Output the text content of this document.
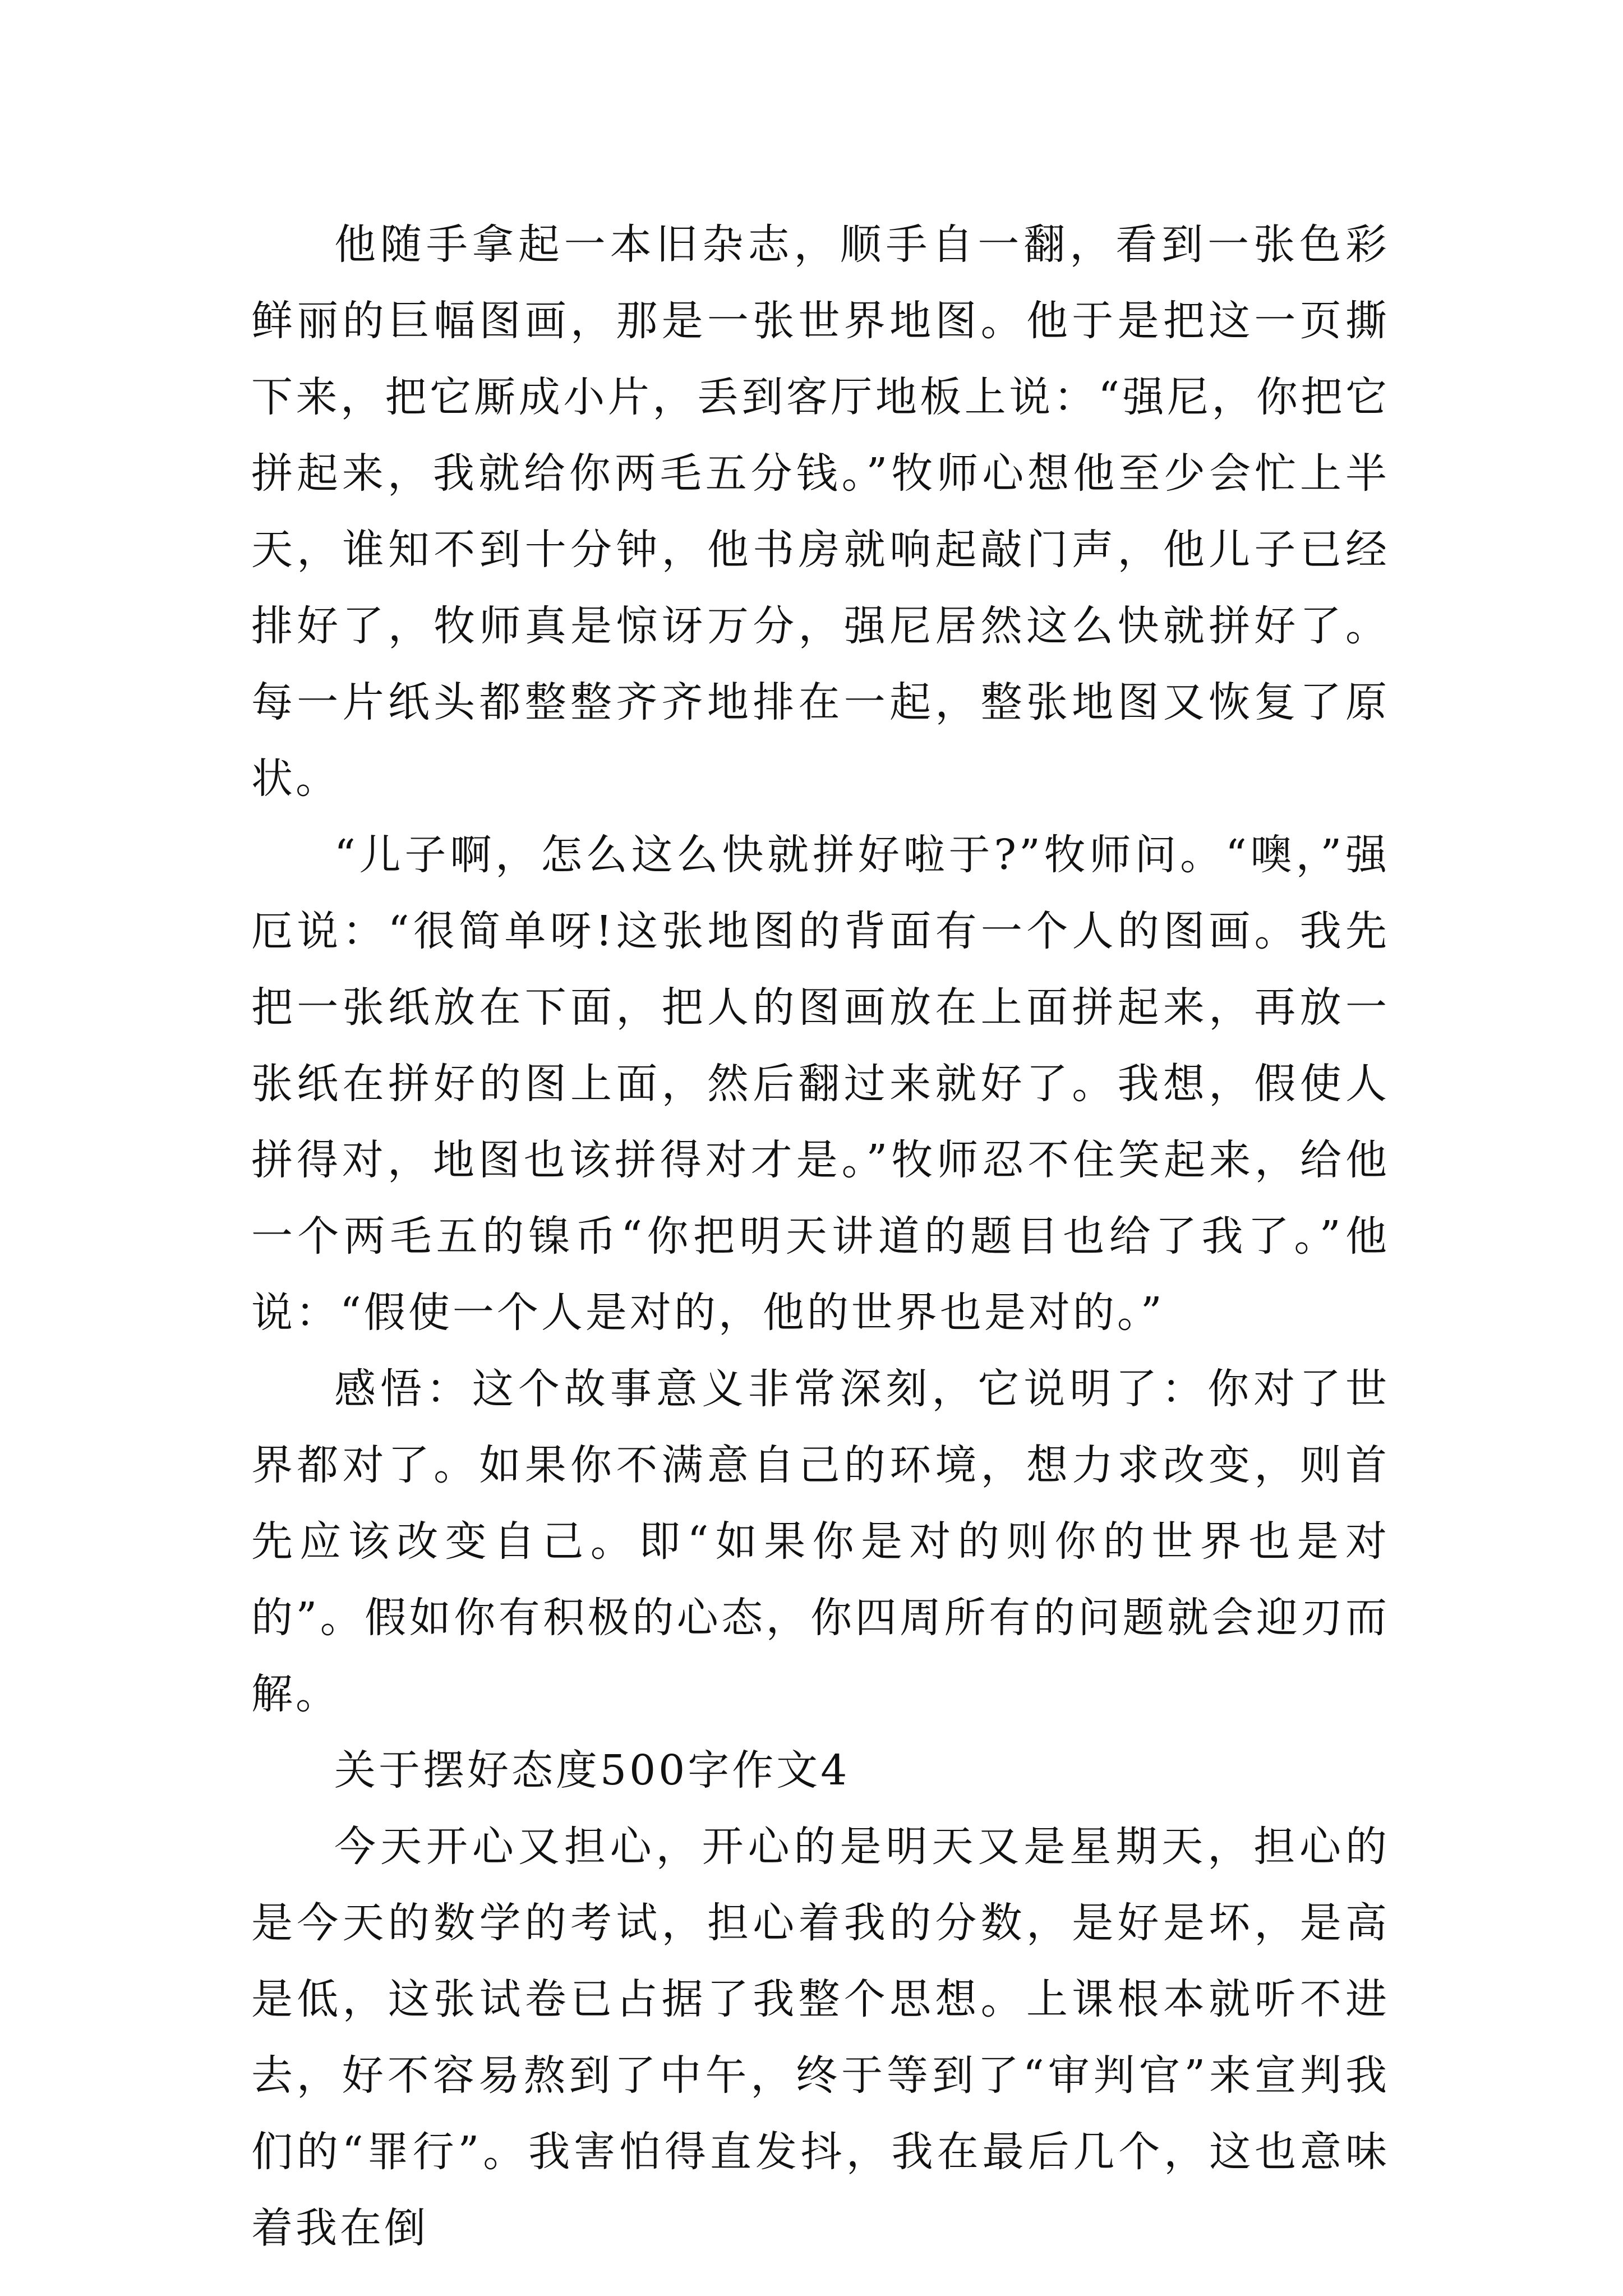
他随手拿起一本旧杂志，顺手自一翻，看到一张色彩鲜丽的巨幅图画，那是一张世界地图。他于是把这一页撕下来，把它厮成小片，丢到客厅地板上说：“强尼，你把它拼起来，我就给你两毛五分钱。”牧师心想他至少会忙上半天，谁知不到十分钟，他书房就响起敲门声，他儿子已经排好了，牧师真是惊讶万分，强尼居然这么快就拼好了。每一片纸头都整整齐齐地排在一起，整张地图又恢复了原状。

“儿子啊，怎么这么快就拼好啦于?”牧师问。“噢，”强厄说：“很简单呀!这张地图的背面有一个人的图画。我先把一张纸放在下面，把人的图画放在上面拼起来，再放一张纸在拼好的图上面，然后翻过来就好了。我想，假使人拼得对，地图也该拼得对才是。”牧师忍不住笑起来，给他一个两毛五的镍币“你把明天讲道的题目也给了我了。”他说：“假使一个人是对的，他的世界也是对的。”

感悟：这个故事意义非常深刻，它说明了：你对了世界都对了。如果你不满意自己的环境，想力求改变，则首先应该改变自己。即“如果你是对的则你的世界也是对的”。假如你有积极的心态，你四周所有的问题就会迎刃而解。

关于摆好态度500字作文4

今天开心又担心，开心的是明天又是星期天，担心的是今天的数学的考试，担心着我的分数，是好是坏，是高是低，这张试卷已占据了我整个思想。上课根本就听不进去，好不容易熬到了中午，终于等到了“审判官”来宣判我们的“罪行”。我害怕得直发抖，我在最后几个，这也意味着我在倒
